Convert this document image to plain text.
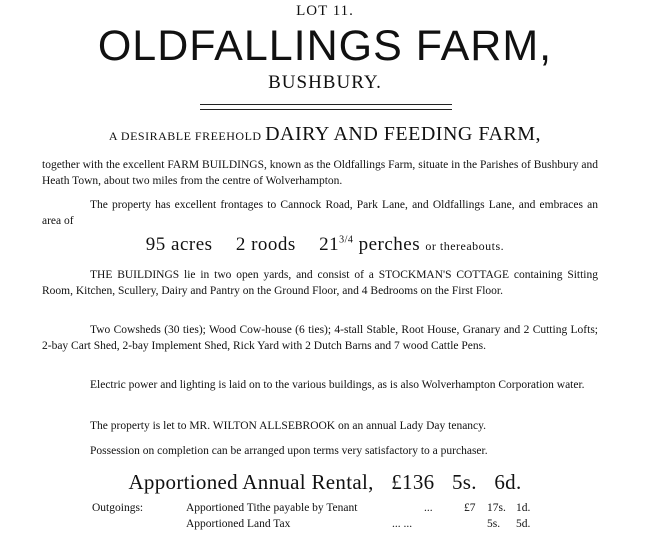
LOT 11.
OLDFALLINGS FARM,
BUSHBURY.
A DESIRABLE FREEHOLD DAIRY AND FEEDING FARM,
together with the excellent FARM BUILDINGS, known as the Oldfallings Farm, situate in the Parishes of Bushbury and Heath Town, about two miles from the centre of Wolverhampton.
The property has excellent frontages to Cannock Road, Park Lane, and Oldfallings Lane, and embraces an area of
95 acres 2 roods $21^{3/4}$ perches or thereabouts.
THE BUILDINGS lie in two open yards, and consist of a STOCKMAN'S COTTAGE containing Sitting Room, Kitchen, Scullery, Dairy and Pantry on the Ground Floor, and 4 Bedrooms on the First Floor.
Two Cowsheds (30 ties); Wood Cow-house (6 ties); 4-stall Stable, Root House, Granary and 2 Cutting Lofts; 2-bay Cart Shed, 2-bay Implement Shed, Rick Yard with 2 Dutch Barns and 7 wood Cattle Pens.
Electric power and lighting is laid on to the various buildings, as is also Wolverhampton Corporation water.
The property is let to MR. WILTON ALLSEBROOK on an annual Lady Day tenancy.
Possession on completion can be arranged upon terms very satisfactory to a purchaser.
Apportioned Annual Rental, £136 5s. 6d.
Outgoings:	Apportioned Tithe payable by Tenant	...	£7 17s. 1d.
Apportioned Land Tax	... ...	5s. 5d.
